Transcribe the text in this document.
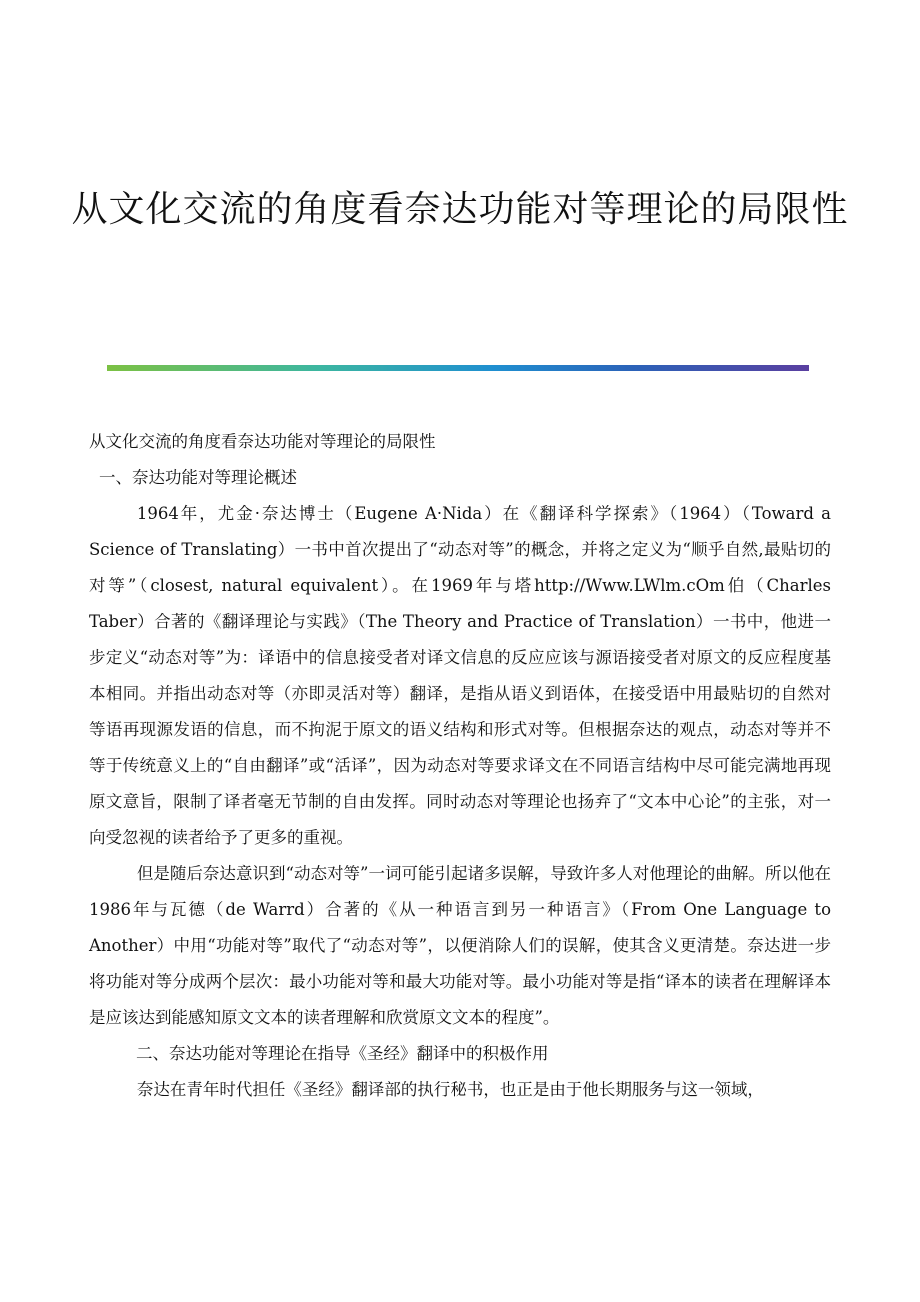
从文化交流的角度看奈达功能对等理论的局限性

从文化交流的角度看奈达功能对等理论的局限性

一、奈达功能对等理论概述

1964年，尤金·奈达博士（Eugene A·Nida）在《翻译科学探索》（1964）（Toward a Science of Translating）一书中首次提出了“动态对等”的概念，并将之定义为“顺乎自然,最贴切的对等”（closest, natural equivalent）。在1969年与塔http://Www.LWlm.cOm伯（Charles Taber）合著的《翻译理论与实践》（The Theory and Practice of Translation）一书中，他进一步定义“动态对等”为：译语中的信息接受者对译文信息的反应应该与源语接受者对原文的反应程度基本相同。并指出动态对等（亦即灵活对等）翻译，是指从语义到语体，在接受语中用最贴切的自然对等语再现源发语的信息，而不拘泥于原文的语义结构和形式对等。但根据奈达的观点，动态对等并不等于传统意义上的“自由翻译”或“活译”，因为动态对等要求译文在不同语言结构中尽可能完满地再现原文意旨，限制了译者毫无节制的自由发挥。同时动态对等理论也扬弃了“文本中心论”的主张，对一向受忽视的读者给予了更多的重视。

但是随后奈达意识到“动态对等”一词可能引起诸多误解，导致许多人对他理论的曲解。所以他在1986年与瓦德（de Warrd）合著的《从一种语言到另一种语言》（From One Language to Another）中用“功能对等”取代了“动态对等”，以便消除人们的误解，使其含义更清楚。奈达进一步将功能对等分成两个层次：最小功能对等和最大功能对等。最小功能对等是指“译本的读者在理解译本是应该达到能感知原文文本的读者理解和欣赏原文文本的程度”。

二、奈达功能对等理论在指导《圣经》翻译中的积极作用

奈达在青年时代担任《圣经》翻译部的执行秘书，也正是由于他长期服务与这一领域，
